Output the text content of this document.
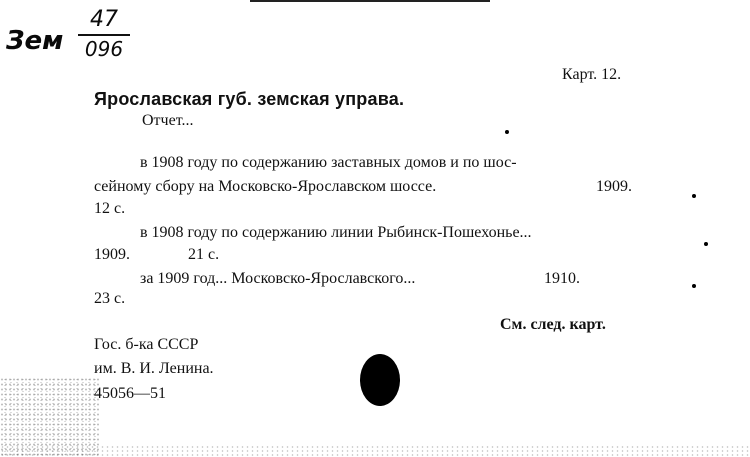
Зем
47
096
Карт. 12.
Ярославская губ. земская управа.
Отчет...
в 1908 году по содержанию заставных домов и по шос-
сейному сбору на Московско-Ярославском шоссе.	1909.
12 с.
в 1908 году по содержанию линии Рыбинск-Пошехонье...
1909.	21 с.
за 1909 год... Московско-Ярославского...	1910.
23 с.
См. след. карт.
Гос. б-ка СССР
им. В. И. Ленина.
45056—51
